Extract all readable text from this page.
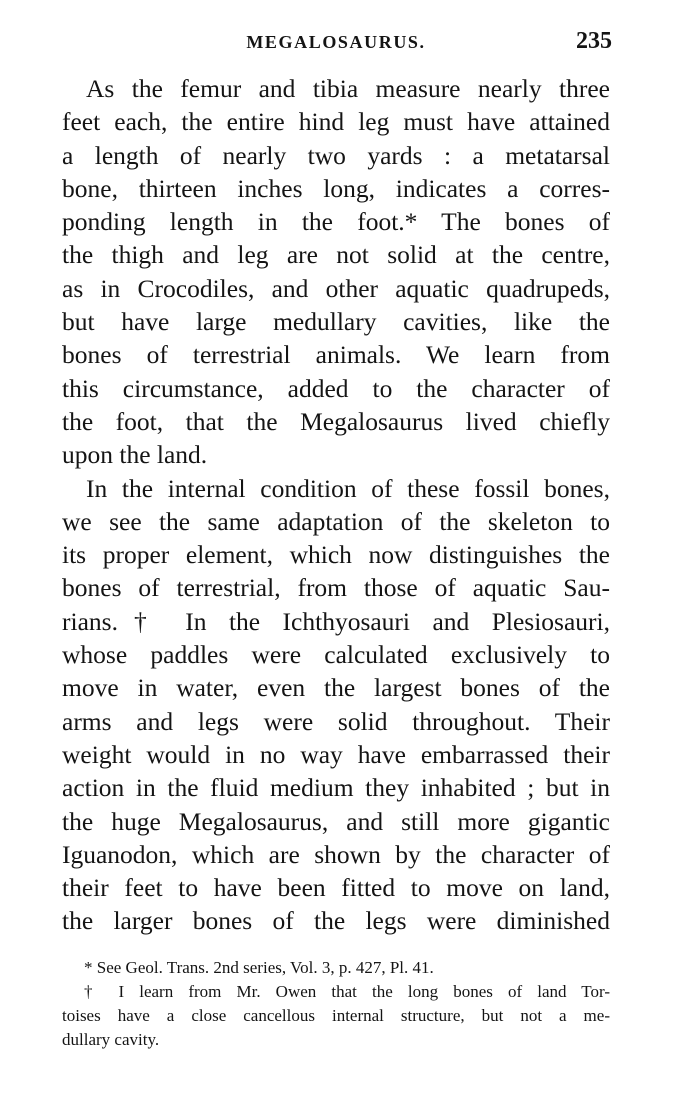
MEGALOSAURUS.	235
As the femur and tibia measure nearly three
feet each, the entire hind leg must have attained
a length of nearly two yards : a metatarsal
bone, thirteen inches long, indicates a corres-
ponding length in the foot.* The bones of
the thigh and leg are not solid at the centre,
as in Crocodiles, and other aquatic quadrupeds,
but have large medullary cavities, like the
bones of terrestrial animals. We learn from
this circumstance, added to the character of
the foot, that the Megalosaurus lived chiefly
upon the land.
In the internal condition of these fossil bones,
we see the same adaptation of the skeleton to
its proper element, which now distinguishes the
bones of terrestrial, from those of aquatic Sau-
rians.† In the Ichthyosauri and Plesiosauri,
whose paddles were calculated exclusively to
move in water, even the largest bones of the
arms and legs were solid throughout. Their
weight would in no way have embarrassed their
action in the fluid medium they inhabited ; but in
the huge Megalosaurus, and still more gigantic
Iguanodon, which are shown by the character of
their feet to have been fitted to move on land,
the larger bones of the legs were diminished
* See Geol. Trans. 2nd series, Vol. 3, p. 427, Pl. 41.
† I learn from Mr. Owen that the long bones of land Tor-
toises have a close cancellous internal structure, but not a me-
dullary cavity.
